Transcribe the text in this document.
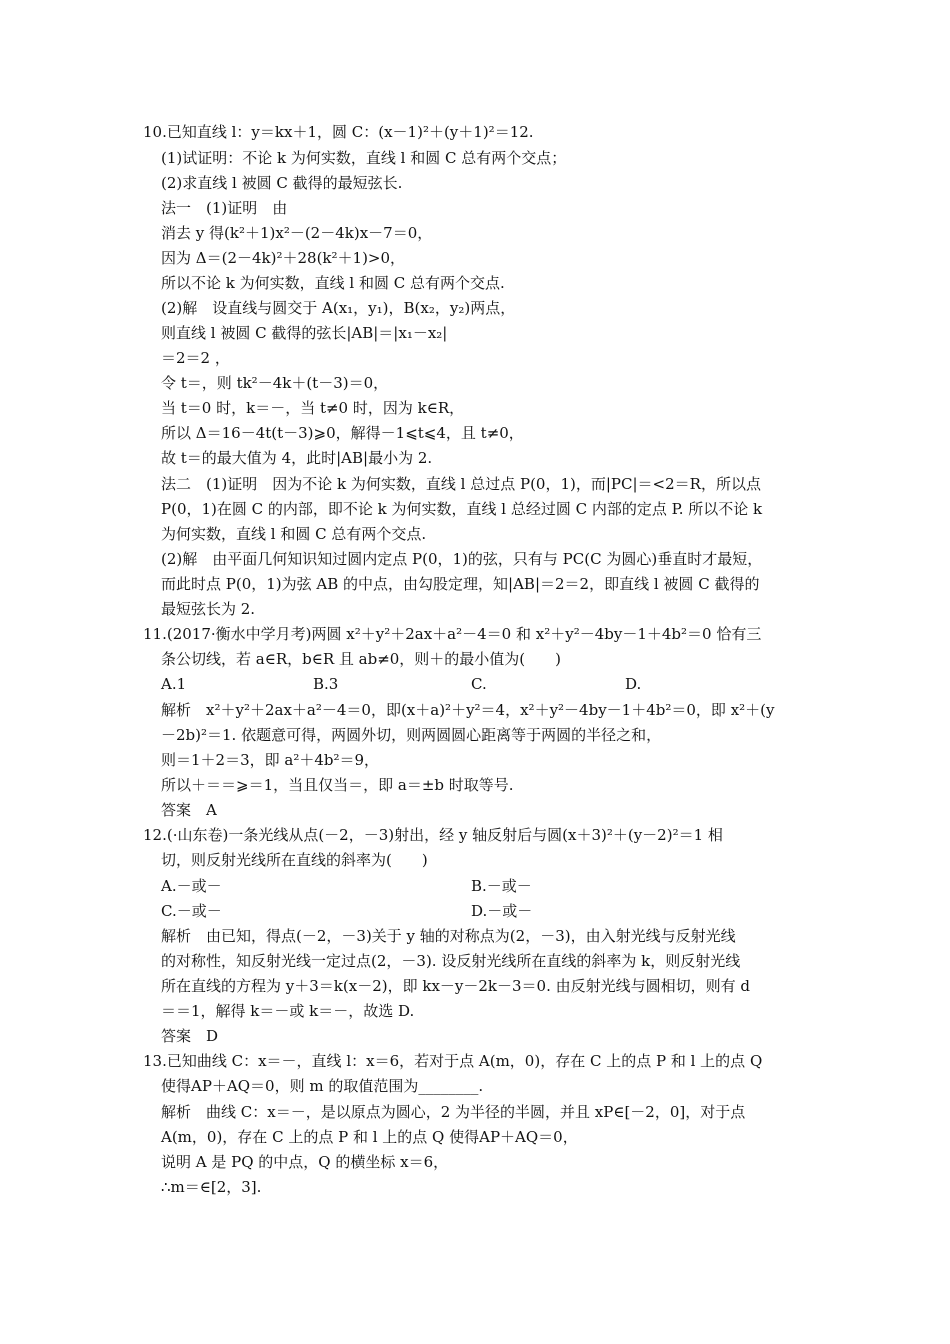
10.已知直线 l：y＝kx＋1，圆 C：(x－1)²＋(y＋1)²＝12.
(1)试证明：不论 k 为何实数，直线 l 和圆 C 总有两个交点；
(2)求直线 l 被圆 C 截得的最短弦长.
法一　(1)证明　由
消去 y 得(k²＋1)x²－(2－4k)x－7＝0，
因为 Δ＝(2－4k)²＋28(k²＋1)>0，
所以不论 k 为何实数，直线 l 和圆 C 总有两个交点.
(2)解　设直线与圆交于 A(x₁，y₁)，B(x₂，y₂)两点，
则直线 l 被圆 C 截得的弦长|AB|＝|x₁－x₂|
＝2＝2 ，
令 t＝，则 tk²－4k＋(t－3)＝0，
当 t＝0 时，k＝－，当 t≠0 时，因为 k∈R，
所以 Δ＝16－4t(t－3)⩾0，解得－1⩽t⩽4，且 t≠0，
故 t＝的最大值为 4，此时|AB|最小为 2.
法二　(1)证明　因为不论 k 为何实数，直线 l 总过点 P(0，1)，而|PC|＝<2＝R，所以点
P(0，1)在圆 C 的内部，即不论 k 为何实数，直线 l 总经过圆 C 内部的定点 P. 所以不论 k
为何实数，直线 l 和圆 C 总有两个交点.
(2)解　由平面几何知识知过圆内定点 P(0，1)的弦，只有与 PC(C 为圆心)垂直时才最短，
而此时点 P(0，1)为弦 AB 的中点，由勾股定理，知|AB|＝2＝2，即直线 l 被圆 C 截得的
最短弦长为 2.
11.(2017·衡水中学月考)两圆 x²＋y²＋2ax＋a²－4＝0 和 x²＋y²－4by－1＋4b²＝0 恰有三
条公切线，若 a∈R，b∈R 且 ab≠0，则＋的最小值为(　　)
A.1	B.3	C.	D.
解析　x²＋y²＋2ax＋a²－4＝0，即(x＋a)²＋y²＝4，x²＋y²－4by－1＋4b²＝0，即 x²＋(y
－2b)²＝1. 依题意可得，两圆外切，则两圆圆心距离等于两圆的半径之和，
则＝1＋2＝3，即 a²＋4b²＝9，
所以＋＝＝⩾＝1，当且仅当＝，即 a＝±b 时取等号.
答案　A
12.(·山东卷)一条光线从点(－2，－3)射出，经 y 轴反射后与圆(x＋3)²＋(y－2)²＝1 相
切，则反射光线所在直线的斜率为(　　)
A.－或－	B.－或－
C.－或－	D.－或－
解析　由已知，得点(－2，－3)关于 y 轴的对称点为(2，－3)，由入射光线与反射光线
的对称性，知反射光线一定过点(2，－3). 设反射光线所在直线的斜率为 k，则反射光线
所在直线的方程为 y＋3＝k(x－2)，即 kx－y－2k－3＝0. 由反射光线与圆相切，则有 d
＝＝1，解得 k＝－或 k＝－，故选 D.
答案　D
13.已知曲线 C：x＝－，直线 l：x＝6，若对于点 A(m，0)，存在 C 上的点 P 和 l 上的点 Q
使得AP＋AQ＝0，则 m 的取值范围为________.
解析　曲线 C：x＝－，是以原点为圆心，2 为半径的半圆，并且 xP∈[－2，0]，对于点
A(m，0)，存在 C 上的点 P 和 l 上的点 Q 使得AP＋AQ＝0，
说明 A 是 PQ 的中点，Q 的横坐标 x＝6，
∴m＝∈[2，3].
